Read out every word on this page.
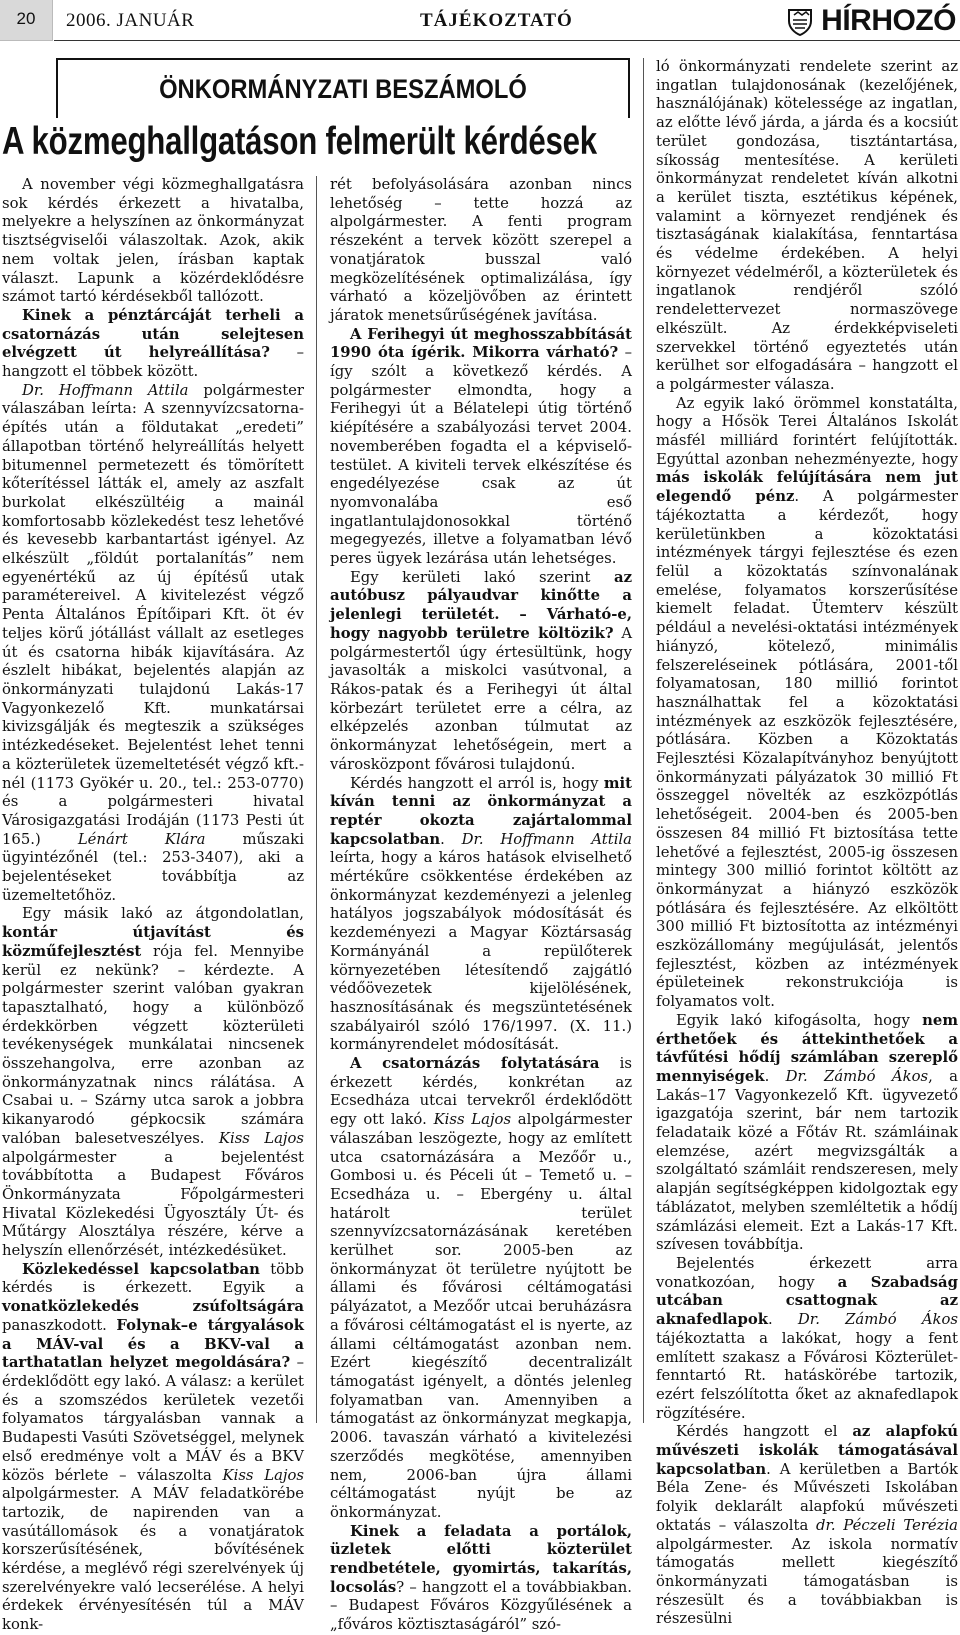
20	2006. JANUÁR	TÁJÉKOZTATÓ	HÍRHOZÓ
ÖNKORMÁNYZATI BESZÁMOLÓ
A közmeghallgatáson felmerült kérdések

A november végi közmeghallgatásra sok kérdés érkezett a hivatalba, melyekre a helyszínen az önkormányzat tisztségviselői válaszoltak. Azok, akik nem voltak jelen, írásban kaptak választ. Lapunk a közérdeklődésre számot tartó kérdésekből tallózott.

Kinek a pénztárcáját terheli a csatornázás után selejtesen elvégzett út helyreállítása? – hangzott el többek között.

Dr. Hoffmann Attila polgármester válaszában leírta: A szennyvízcsatorna-építés után a földutakat „eredeti” állapotban történő helyreállítás helyett bitumennel permetezett és tömörített kőterítéssel látták el, amely az aszfalt burkolat elkészültéig a mainál komfortosabb közlekedést tesz lehetővé és kevesebb karbantartást igényel. Az elkészült „földút portalanítás” nem egyenértékű az új építésű utak paramétereivel. A kivitelezést végző Penta Általános Építőipari Kft. öt év teljes körű jótállást vállalt az esetleges út és csatorna hibák kijavítására. Az észlelt hibákat, bejelentés alapján az önkormányzati tulajdonú Lakás-17 Vagyonkezelő Kft. munkatársai kivizsgálják és megteszik a szükséges intézkedéseket. Bejelentést lehet tenni a közterületek üzemeltetését végző kft.-nél (1173 Gyökér u. 20., tel.: 253-0770) és a polgármesteri hivatal Városigazgatási Irodáján (1173 Pesti út 165.) Lénárt Klára műszaki ügyintézőnél (tel.: 253-3407), aki a bejelentéseket továbbítja az üzemeltetőhöz.

Egy másik lakó az átgondolatlan, kontár útjavítást és közműfejlesztést rója fel. Mennyibe kerül ez nekünk? – kérdezte. A polgármester szerint valóban gyakran tapasztalható, hogy a különböző érdekkörben végzett közterületi tevékenységek munkálatai nincsenek összehangolva, erre azonban az önkormányzatnak nincs rálátása. A Csabai u. – Szárny utca sarok a jobbra kikanyarodó gépkocsik számára valóban balesetveszélyes. Kiss Lajos alpolgármester a bejelentést továbbította a Budapest Főváros Önkormányzata Főpolgármesteri Hivatal Közlekedési Ügyosztály Út- és Műtárgy Alosztálya részére, kérve a helyszín ellenőrzését, intézkedésüket.

Közlekedéssel kapcsolatban több kérdés is érkezett. Egyik a vonatközlekedés zsúfoltságára panaszkodott. Folynak–e tárgyalások a MÁV-val és a BKV-val a tarthatatlan helyzet megoldására? – érdeklődött egy lakó. A válasz: a kerület és a szomszédos kerületek vezetői folyamatos tárgyalásban vannak a Budapesti Vasúti Szövetséggel, melynek első eredménye volt a MÁV és a BKV közös bérlete – válaszolta Kiss Lajos alpolgármester. A MÁV feladatkörébe tartozik, de napirenden van a vasútállomások és a vonatjáratok korszerűsítésének, bővítésének kérdése, a meglévő régi szerelvények új szerelvényekre való lecserélése. A helyi érdekek érvényesítésén túl a MÁV konk-

rét befolyásolására azonban nincs lehetőség – tette hozzá az alpolgármester. A fenti program részeként a tervek között szerepel a vonatjáratok busszal való megközelítésének optimalizálása, így várható a közeljövőben az érintett járatok menetsűrűségének javítása.

A Ferihegyi út meghosszabbítását 1990 óta ígérik. Mikorra várható? – így szólt a következő kérdés. A polgármester elmondta, hogy a Ferihegyi út a Bélatelepi útig történő kiépítésére a szabályozási tervet 2004. novemberében fogadta el a képviselő-testület. A kiviteli tervek elkészítése és engedélyezése csak az út nyomvonalába eső ingatlantulajdonosokkal történő megegyezés, illetve a folyamatban lévő peres ügyek lezárása után lehetséges.

Egy kerületi lakó szerint az autóbusz pályaudvar kinőtte a jelenlegi területét. – Várható-e, hogy nagyobb területre költözik? A polgármestertől úgy értesültünk, hogy javasolták a miskolci vasútvonal, a Rákos-patak és a Ferihegyi út által körbezárt területet erre a célra, az elképzelés azonban túlmutat az önkormányzat lehetőségein, mert a városközpont fővárosi tulajdonú.

Kérdés hangzott el arról is, hogy mit kíván tenni az önkormányzat a reptér okozta zajártalommal kapcsolatban. Dr. Hoffmann Attila leírta, hogy a káros hatások elviselhető mértékűre csökkentése érdekében az önkormányzat kezdeményezi a jelenleg hatályos jogszabályok módosítását és kezdeményezi a Magyar Köztársaság Kormányánál a repülőterek környezetében létesítendő zajgátló védőövezetek kijelölésének, hasznosításának és megszüntetésének szabályairól szóló 176/1997. (X. 11.) kormányrendelet módosítását.

A csatornázás folytatására is érkezett kérdés, konkrétan az Ecsedháza utcai tervekről érdeklődött egy ott lakó. Kiss Lajos alpolgármester válaszában leszögezte, hogy az említett utca csatornázására a Mezőőr u., Gombosi u. és Péceli út – Temető u. – Ecsedháza u. – Ebergény u. által határolt terület szennyvízcsatornázásának keretében kerülhet sor. 2005-ben az önkormányzat öt területre nyújtott be állami és fővárosi céltámogatási pályázatot, a Mezőőr utcai beruházásra a fővárosi céltámogatást el is nyerte, az állami céltámogatást azonban nem. Ezért kiegészítő decentralizált támogatást igényelt, a döntés jelenleg folyamatban van. Amennyiben a támogatást az önkormányzat megkapja, 2006. tavaszán várható a kivitelezési szerződés megkötése, amennyiben nem, 2006-ban újra állami céltámogatást nyújt be az önkormányzat.

Kinek a feladata a portálok, üzletek előtti közterület rendbetétele, gyomirtás, takarítás, locsolás? – hangzott el a továbbiakban. – Budapest Főváros Közgyűlésének a „főváros köztisztaságáról” szó-

ló önkormányzati rendelete szerint az ingatlan tulajdonosának (kezelőjének, használójának) kötelessége az ingatlan, az előtte lévő járda, a járda és a kocsiút terület gondozása, tisztántartása, síkosság mentesítése. A kerületi önkormányzat rendeletet kíván alkotni a kerület tiszta, esztétikus képének, valamint a környezet rendjének és tisztaságának kialakítása, fenntartása és védelme érdekében. A helyi környezet védelméről, a közterületek és ingatlanok rendjéről szóló rendelettervezet normaszövege elkészült. Az érdekképviseleti szervekkel történő egyeztetés után kerülhet sor elfogadására – hangzott el a polgármester válasza.

Az egyik lakó örömmel konstatálta, hogy a Hősök Terei Általános Iskolát másfél milliárd forintért felújították. Egyúttal azonban nehezményezte, hogy más iskolák felújítására nem jut elegendő pénz. A polgármester tájékoztatta a kérdezőt, hogy kerületünkben a közoktatási intézmények tárgyi fejlesztése és ezen felül a közoktatás színvonalának emelése, folyamatos korszerűsítése kiemelt feladat. Ütemterv készült például a nevelési-oktatási intézmények hiányzó, kötelező, minimális felszereléseinek pótlására, 2001-től folyamatosan, 180 millió forintot használhattak fel a közoktatási intézmények az eszközök fejlesztésére, pótlására. Közben a Közoktatás Fejlesztési Közalapítványhoz benyújtott önkormányzati pályázatok 30 millió Ft összeggel növelték az eszközpótlás lehetőségeit. 2004-ben és 2005-ben összesen 84 millió Ft biztosítása tette lehetővé a fejlesztést, 2005-ig összesen mintegy 300 millió forintot költött az önkormányzat a hiányzó eszközök pótlására és fejlesztésére. Az elköltött 300 millió Ft biztosította az intézményi eszközállomány megújulását, jelentős fejlesztést, közben az intézmények épületeinek rekonstrukciója is folyamatos volt.

Egyik lakó kifogásolta, hogy nem érthetőek és áttekinthetőek a távfűtési hődíj számlában szereplő mennyiségek. Dr. Zámbó Ákos, a Lakás–17 Vagyonkezelő Kft. ügyvezető igazgatója szerint, bár nem tartozik feladataik közé a Főtáv Rt. számláinak elemzése, azért megvizsgálták a szolgáltató számláit rendszeresen, mely alapján segítségképpen kidolgoztak egy táblázatot, melyben szemléltetik a hődíj számlázási elemeit. Ezt a Lakás-17 Kft. szívesen továbbítja.

Bejelentés érkezett arra vonatkozóan, hogy a Szabadság utcában csattognak az aknafedlapok. Dr. Zámbó Ákos tájékoztatta a lakókat, hogy a fent említett szakasz a Fővárosi Közterület-fenntartó Rt. hatáskörébe tartozik, ezért felszólította őket az aknafedlapok rögzítésére.

Kérdés hangzott el az alapfokú művészeti iskolák támogatásával kapcsolatban. A kerületben a Bartók Béla Zene- és Művészeti Iskolában folyik deklarált alapfokú művészeti oktatás – válaszolta dr. Péczeli Terézia alpolgármester. Az iskola normatív támogatás mellett kiegészítő önkormányzati támogatásban is részesült és a továbbiakban is részesülni
